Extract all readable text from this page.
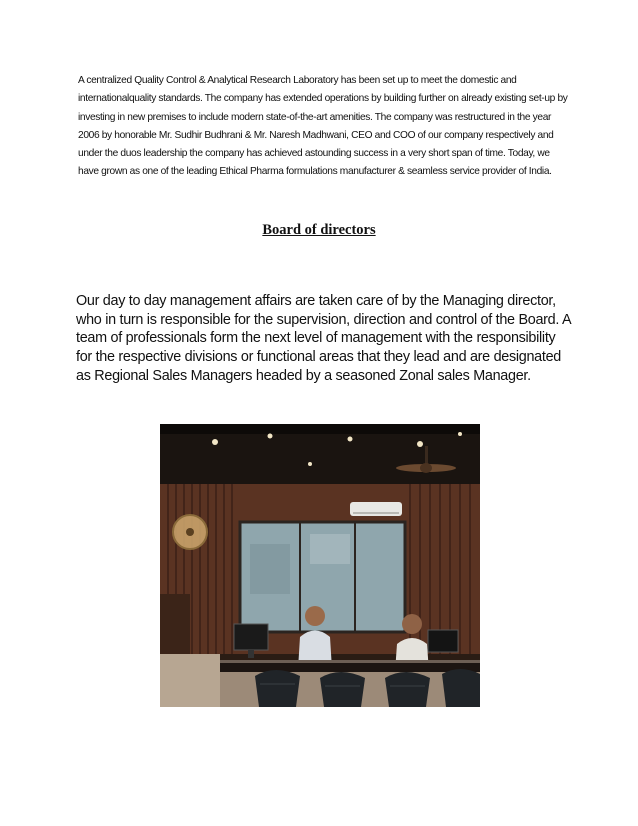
A centralized Quality Control & Analytical Research Laboratory has been set up to meet the domestic and internationalquality standards. The company has extended operations by building further on already existing set-up by investing in new premises to include modern state-of-the-art amenities. The company was restructured in the year 2006 by honorable Mr. Sudhir Budhrani & Mr. Naresh Madhwani, CEO and COO of our company respectively and under the duos leadership the company has achieved astounding success in a very short span of time. Today, we have grown as one of the leading Ethical Pharma formulations manufacturer & seamless service provider of India.

Board of directors

Our day to day management affairs are taken care of by the Managing director, who in turn is responsible for the supervision, direction and control of the Board. A team of professionals form the next level of management with the responsibility for the respective divisions or functional areas that they lead and are designated as Regional Sales Managers headed by a seasoned Zonal sales Manager.
